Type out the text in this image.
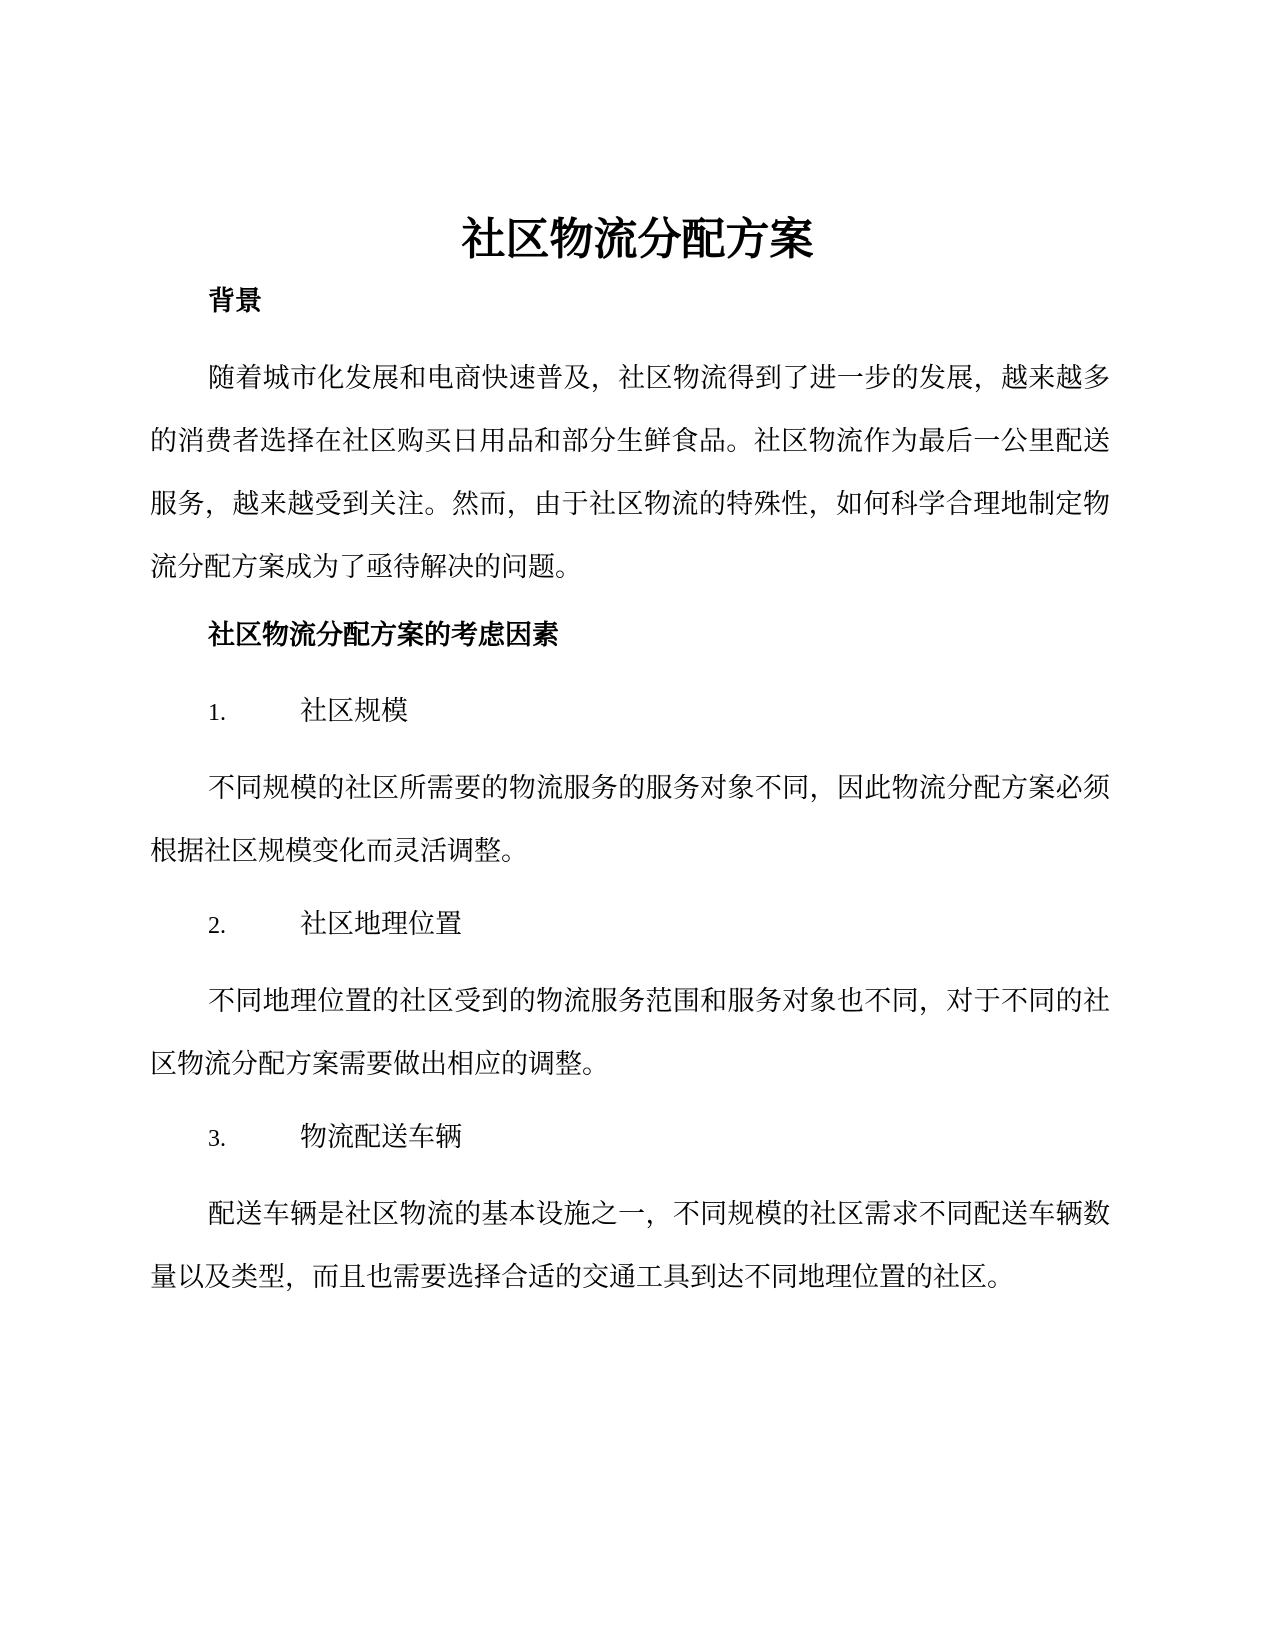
社区物流分配方案
背景

随着城市化发展和电商快速普及，社区物流得到了进一步的发展，越来越多的消费者选择在社区购买日用品和部分生鲜食品。社区物流作为最后一公里配送服务，越来越受到关注。然而，由于社区物流的特殊性，如何科学合理地制定物流分配方案成为了亟待解决的问题。

社区物流分配方案的考虑因素
1.	社区规模

不同规模的社区所需要的物流服务的服务对象不同，因此物流分配方案必须根据社区规模变化而灵活调整。

2.	社区地理位置

不同地理位置的社区受到的物流服务范围和服务对象也不同，对于不同的社区物流分配方案需要做出相应的调整。

3.	物流配送车辆

配送车辆是社区物流的基本设施之一，不同规模的社区需求不同配送车辆数量以及类型，而且也需要选择合适的交通工具到达不同地理位置的社区。
